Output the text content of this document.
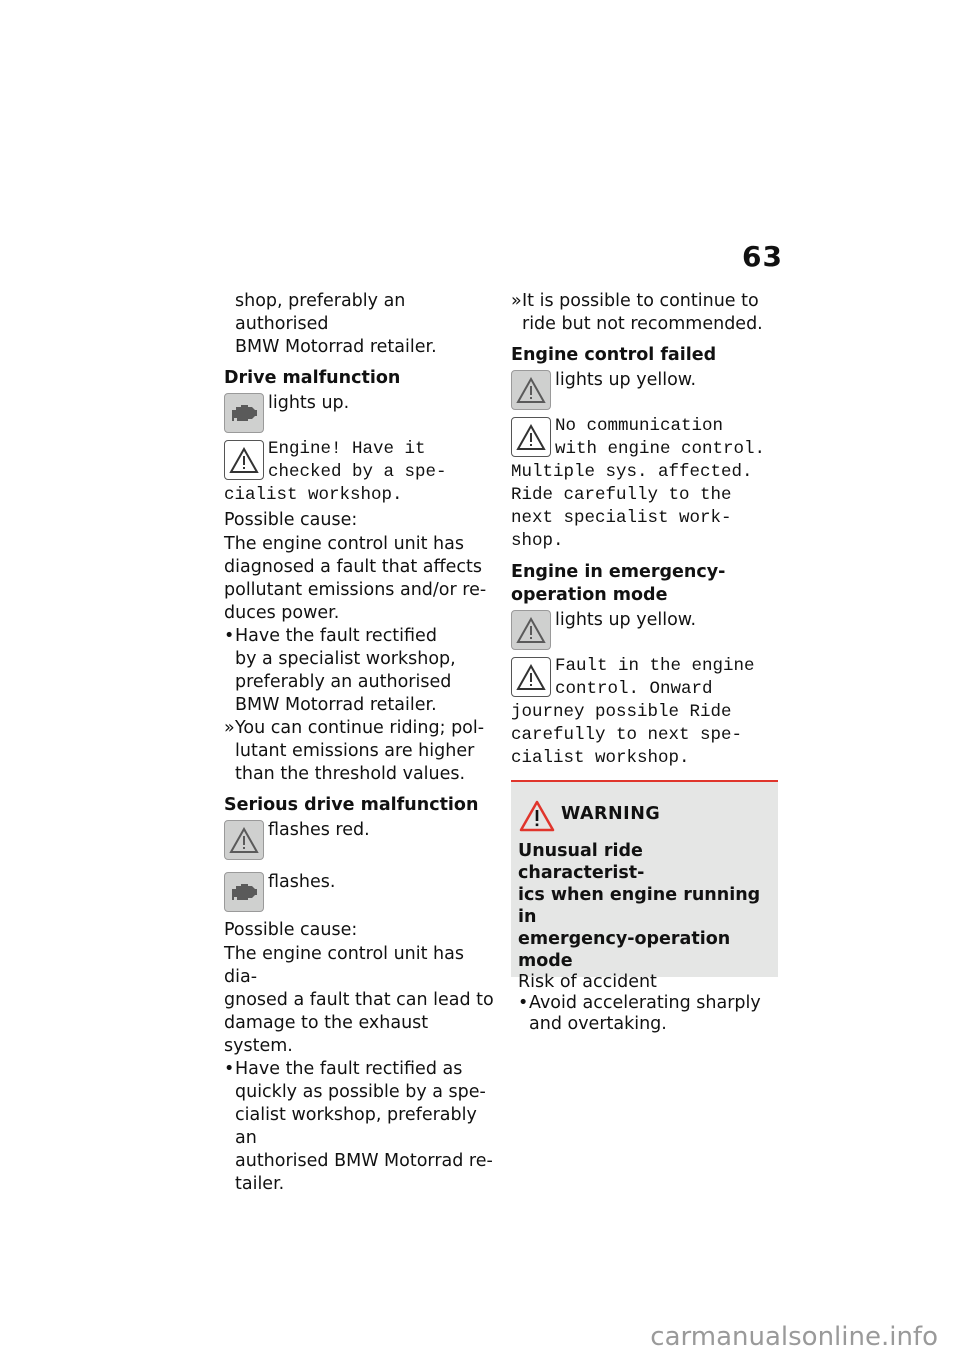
63

shop, preferably an authorised

BMW Motorrad retailer.

Drive malfunction

lights up.
Engine! Have it
checked by a spe-
cialist workshop.

Possible cause:

The engine control unit has

diagnosed a fault that affects

pollutant emissions and/or re-

duces power.

• Have the fault rectified
by a specialist workshop,
preferably an authorised
BMW Motorrad retailer.
» You can continue riding; pol-
lutant emissions are higher
than the threshold values.

Serious drive malfunction

flashes red.
flashes.

Possible cause:

The engine control unit has dia-

gnosed a fault that can lead to

damage to the exhaust system.

• Have the fault rectified as
quickly as possible by a spe-
cialist workshop, preferably an
authorised BMW Motorrad re-
tailer.
» It is possible to continue to
ride but not recommended.

Engine control failed

lights up yellow.
No communication
with engine control.
Multiple sys. affected.
Ride carefully to the
next specialist work-
shop.

Engine in emergency-

operation mode

lights up yellow.
Fault in the engine
control. Onward
journey possible Ride
carefully to next spe-
cialist workshop.
WARNING

Unusual ride characterist-

ics when engine running in

emergency-operation mode

Risk of accident

• Avoid accelerating sharply
and overtaking.
carmanualsonline.info
